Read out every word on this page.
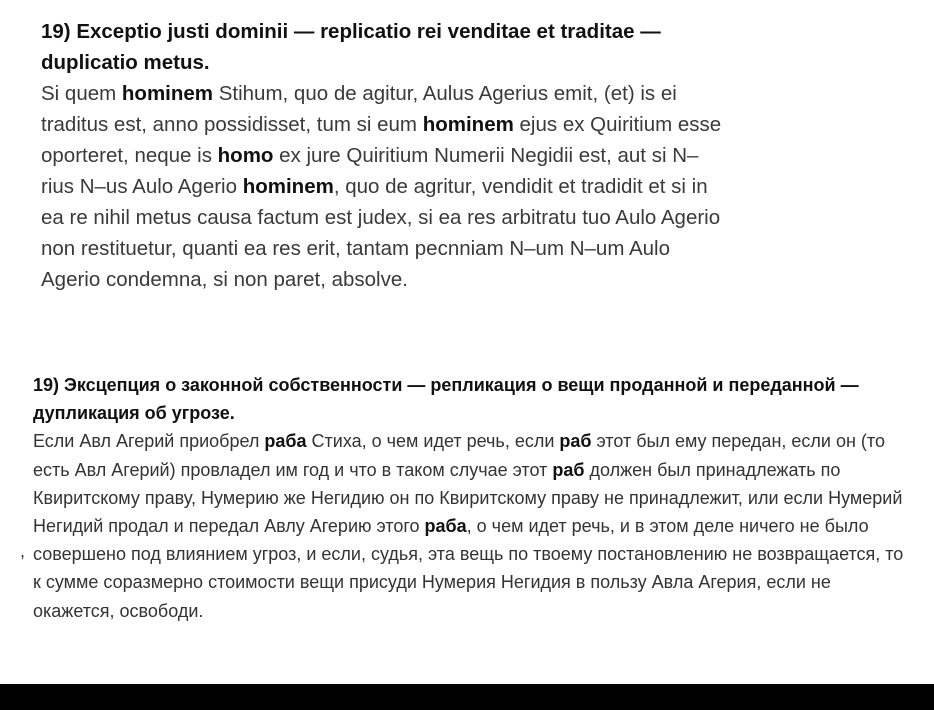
19) Exceptio justi dominii — replicatio rei venditae et traditae — duplicatio metus.

Si quem hominem Stihum, quo de agitur, Aulus Agerius emit, (et) is ei traditus est, anno possidisset, tum si eum hominem ejus ex Quiritium esse oporteret, neque is homo ex jure Quiritium Numerii Negidii est, aut si N–rius N–us Aulo Agerio hominem, quo de agritur, vendidit et tradidit et si in ea re nihil metus causa factum est judex, si ea res arbitratu tuo Aulo Agerio non restituetur, quanti ea res erit, tantam pecnniam N–um N–um Aulo Agerio condemna, si non paret, absolve.

19) Эксцепция о законной собственности — репликация о вещи проданной и переданной — дупликация об угрозе.

Если Авл Агерий приобрел раба Стиха, о чем идет речь, если раб этот был ему передан, если он (то есть Авл Агерий) провладел им год и что в таком случае этот раб должен был принадлежать по Квиритскому праву, Нумерию же Негидию он по Квиритскому праву не принадлежит, или если Нумерий Негидий продал и передал Авлу Агерию этого раба, о чем идет речь, и в этом деле ничего не было совершено под влиянием угроз, и если, судья, эта вещь по твоему постановлению не возвращается, то к сумме соразмерно стоимости вещи присуди Нумерия Негидия в пользу Авла Агерия, если не окажется, освободи.

,
